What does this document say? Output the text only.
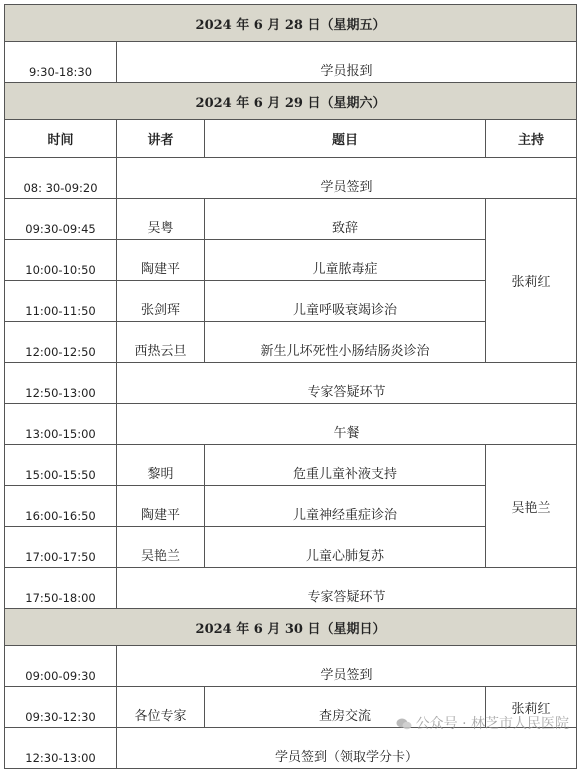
2024 年 6 月 28 日（星期五）			
9:30-18:30	学员报到		
2024 年 6 月 29 日（星期六）			
时间	讲者	题目	主持
08: 30-09:20	学员签到		
09:30-09:45	吴粤	致辞	张莉红
10:00-10:50	陶建平	儿童脓毒症	
11:00-11:50	张剑珲	儿童呼吸衰竭诊治	
12:00-12:50	西热云旦	新生儿坏死性小肠结肠炎诊治	
12:50-13:00	专家答疑环节		
13:00-15:00	午餐		
15:00-15:50	黎明	危重儿童补液支持	吴艳兰
16:00-16:50	陶建平	儿童神经重症诊治	
17:00-17:50	吴艳兰	儿童心肺复苏	
17:50-18:00	专家答疑环节		
2024 年 6 月 30 日（星期日）			
09:00-09:30	学员签到		
09:30-12:30	各位专家	查房交流	张莉红
12:30-13:00	学员签到（领取学分卡）		
公众号 · 林芝市人民医院
